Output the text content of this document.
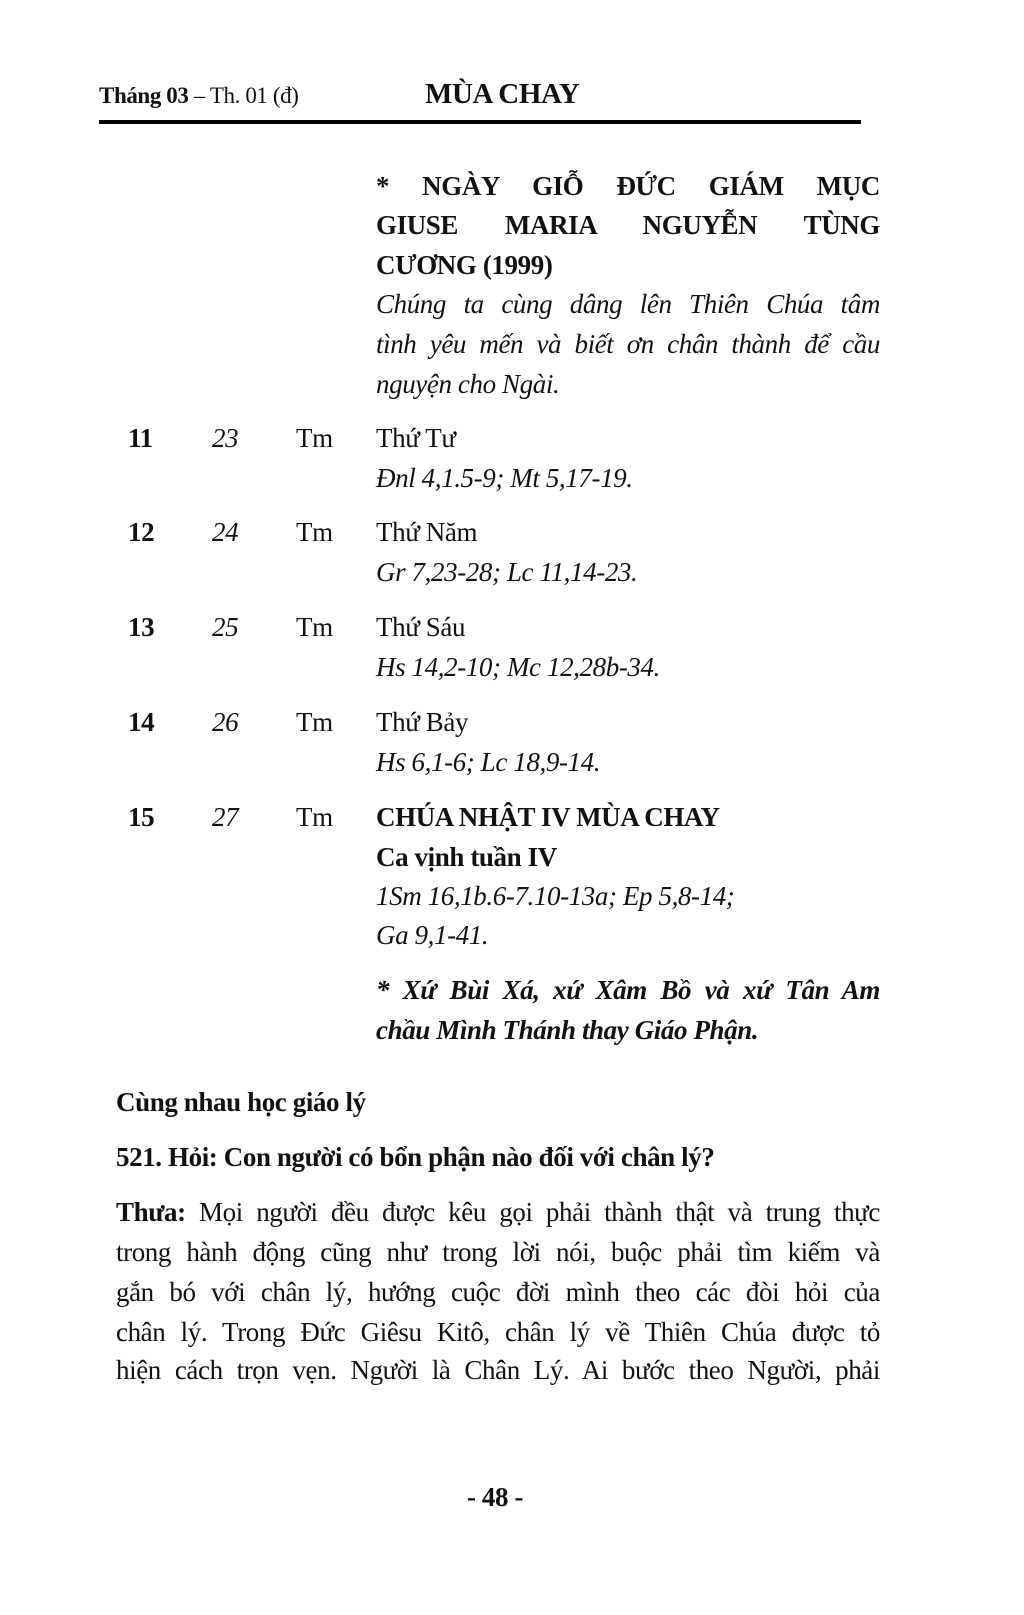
Tháng 03 – Th. 01 (đ)	MÙA CHAY
* NGÀY GIỖ ĐỨC GIÁM MỤC
GIUSE MARIA NGUYỄN TÙNG
CƯƠNG (1999)
Chúng ta cùng dâng lên Thiên Chúa tâm
tình yêu mến và biết ơn chân thành để cầu
nguyện cho Ngài.
11 23 Tm Thứ Tư
Đnl 4,1.5-9; Mt 5,17-19.
12 24 Tm Thứ Năm
Gr 7,23-28; Lc 11,14-23.
13 25 Tm Thứ Sáu
Hs 14,2-10; Mc 12,28b-34.
14 26 Tm Thứ Bảy
Hs 6,1-6; Lc 18,9-14.
15 27 Tm CHÚA NHẬT IV MÙA CHAY
Ca vịnh tuần IV
1Sm 16,1b.6-7.10-13a; Ep 5,8-14;
Ga 9,1-41.
* Xứ Bùi Xá, xứ Xâm Bồ và xứ Tân Am
chầu Mình Thánh thay Giáo Phận.
Cùng nhau học giáo lý
521. Hỏi: Con người có bổn phận nào đối với chân lý?
Thưa: Mọi người đều được kêu gọi phải thành thật và trung thực
trong hành động cũng như trong lời nói, buộc phải tìm kiếm và
gắn bó với chân lý, hướng cuộc đời mình theo các đòi hỏi của
chân lý. Trong Đức Giêsu Kitô, chân lý về Thiên Chúa được tỏ
hiện cách trọn vẹn. Người là Chân Lý. Ai bước theo Người, phải
- 48 -
